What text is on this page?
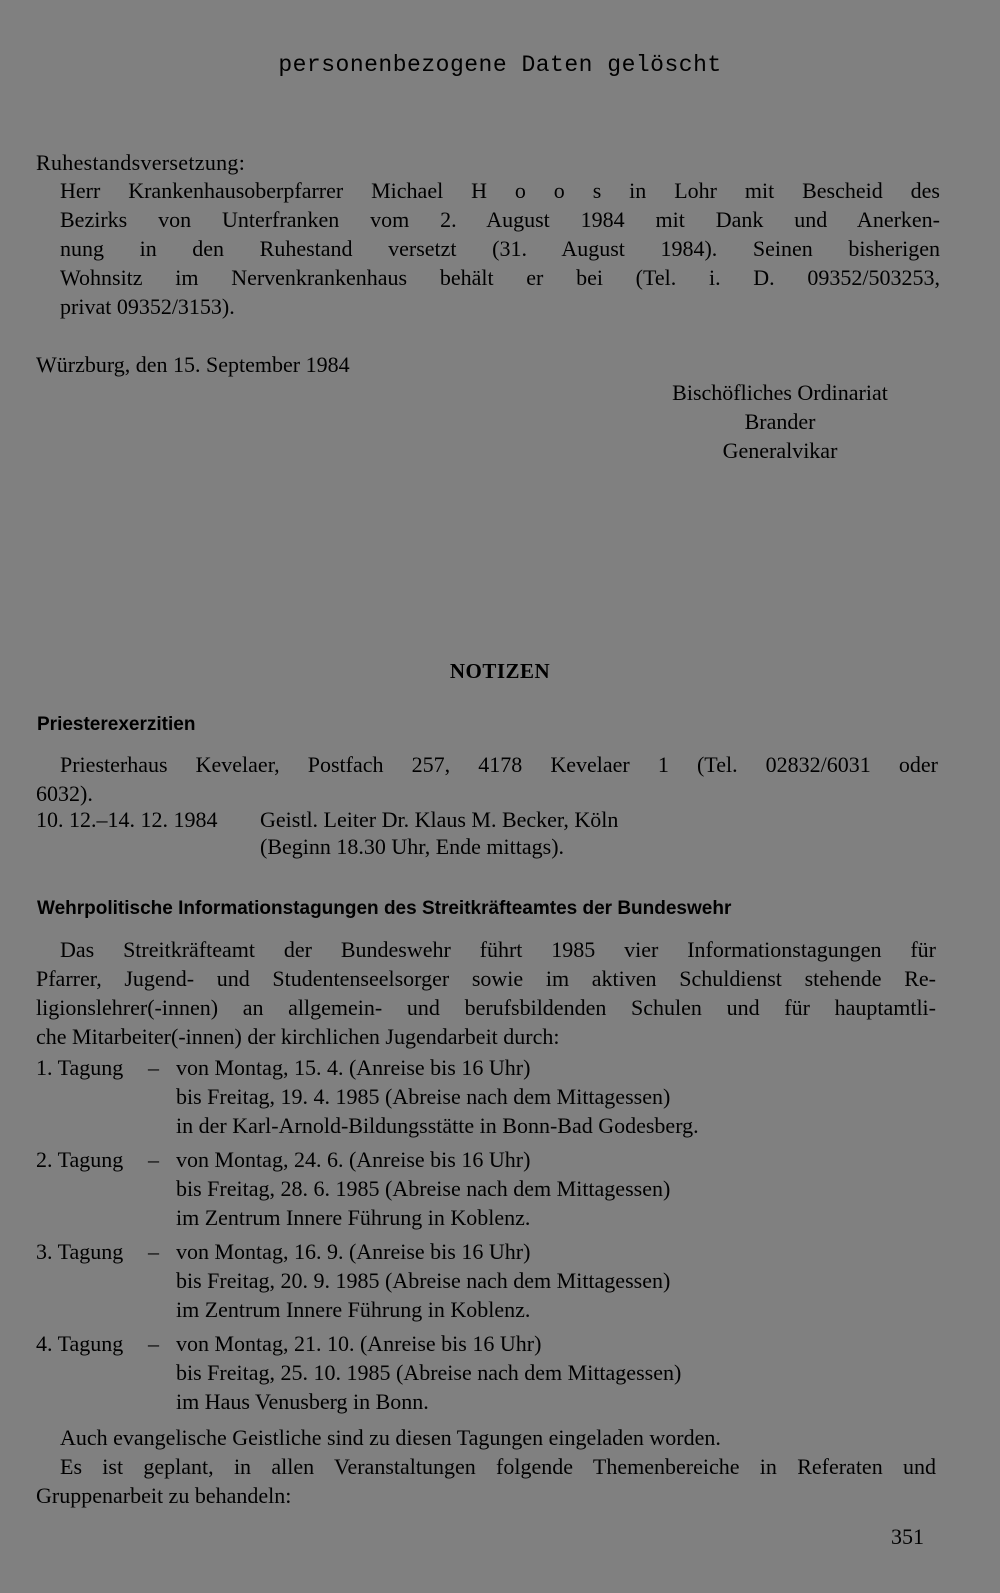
personenbezogene Daten gelöscht
Ruhestandsversetzung:
Herr Krankenhausoberpfarrer Michael H o o s in Lohr mit Bescheid des
Bezirks von Unterfranken vom 2. August 1984 mit Dank und Anerken-
nung in den Ruhestand versetzt (31. August 1984). Seinen bisherigen
Wohnsitz im Nervenkrankenhaus behält er bei (Tel. i. D. 09352/503253,
privat 09352/3153).
Würzburg, den 15. September 1984
Bischöfliches Ordinariat
Brander
Generalvikar
NOTIZEN
Priesterexerzitien
Priesterhaus Kevelaer, Postfach 257, 4178 Kevelaer 1 (Tel. 02832/6031 oder
6032).
10. 12.–14. 12. 1984 Geistl. Leiter Dr. Klaus M. Becker, Köln
(Beginn 18.30 Uhr, Ende mittags).
Wehrpolitische Informationstagungen des Streitkräfteamtes der Bundeswehr
Das Streitkräfteamt der Bundeswehr führt 1985 vier Informationstagungen für
Pfarrer, Jugend- und Studentenseelsorger sowie im aktiven Schuldienst stehende Re-
ligionslehrer(-innen) an allgemein- und berufsbildenden Schulen und für hauptamtli-
che Mitarbeiter(-innen) der kirchlichen Jugendarbeit durch:
1. Tagung – von Montag, 15. 4. (Anreise bis 16 Uhr)
bis Freitag, 19. 4. 1985 (Abreise nach dem Mittagessen)
in der Karl-Arnold-Bildungsstätte in Bonn-Bad Godesberg.
2. Tagung – von Montag, 24. 6. (Anreise bis 16 Uhr)
bis Freitag, 28. 6. 1985 (Abreise nach dem Mittagessen)
im Zentrum Innere Führung in Koblenz.
3. Tagung – von Montag, 16. 9. (Anreise bis 16 Uhr)
bis Freitag, 20. 9. 1985 (Abreise nach dem Mittagessen)
im Zentrum Innere Führung in Koblenz.
4. Tagung – von Montag, 21. 10. (Anreise bis 16 Uhr)
bis Freitag, 25. 10. 1985 (Abreise nach dem Mittagessen)
im Haus Venusberg in Bonn.
Auch evangelische Geistliche sind zu diesen Tagungen eingeladen worden.
Es ist geplant, in allen Veranstaltungen folgende Themenbereiche in Referaten und
Gruppenarbeit zu behandeln:
351
